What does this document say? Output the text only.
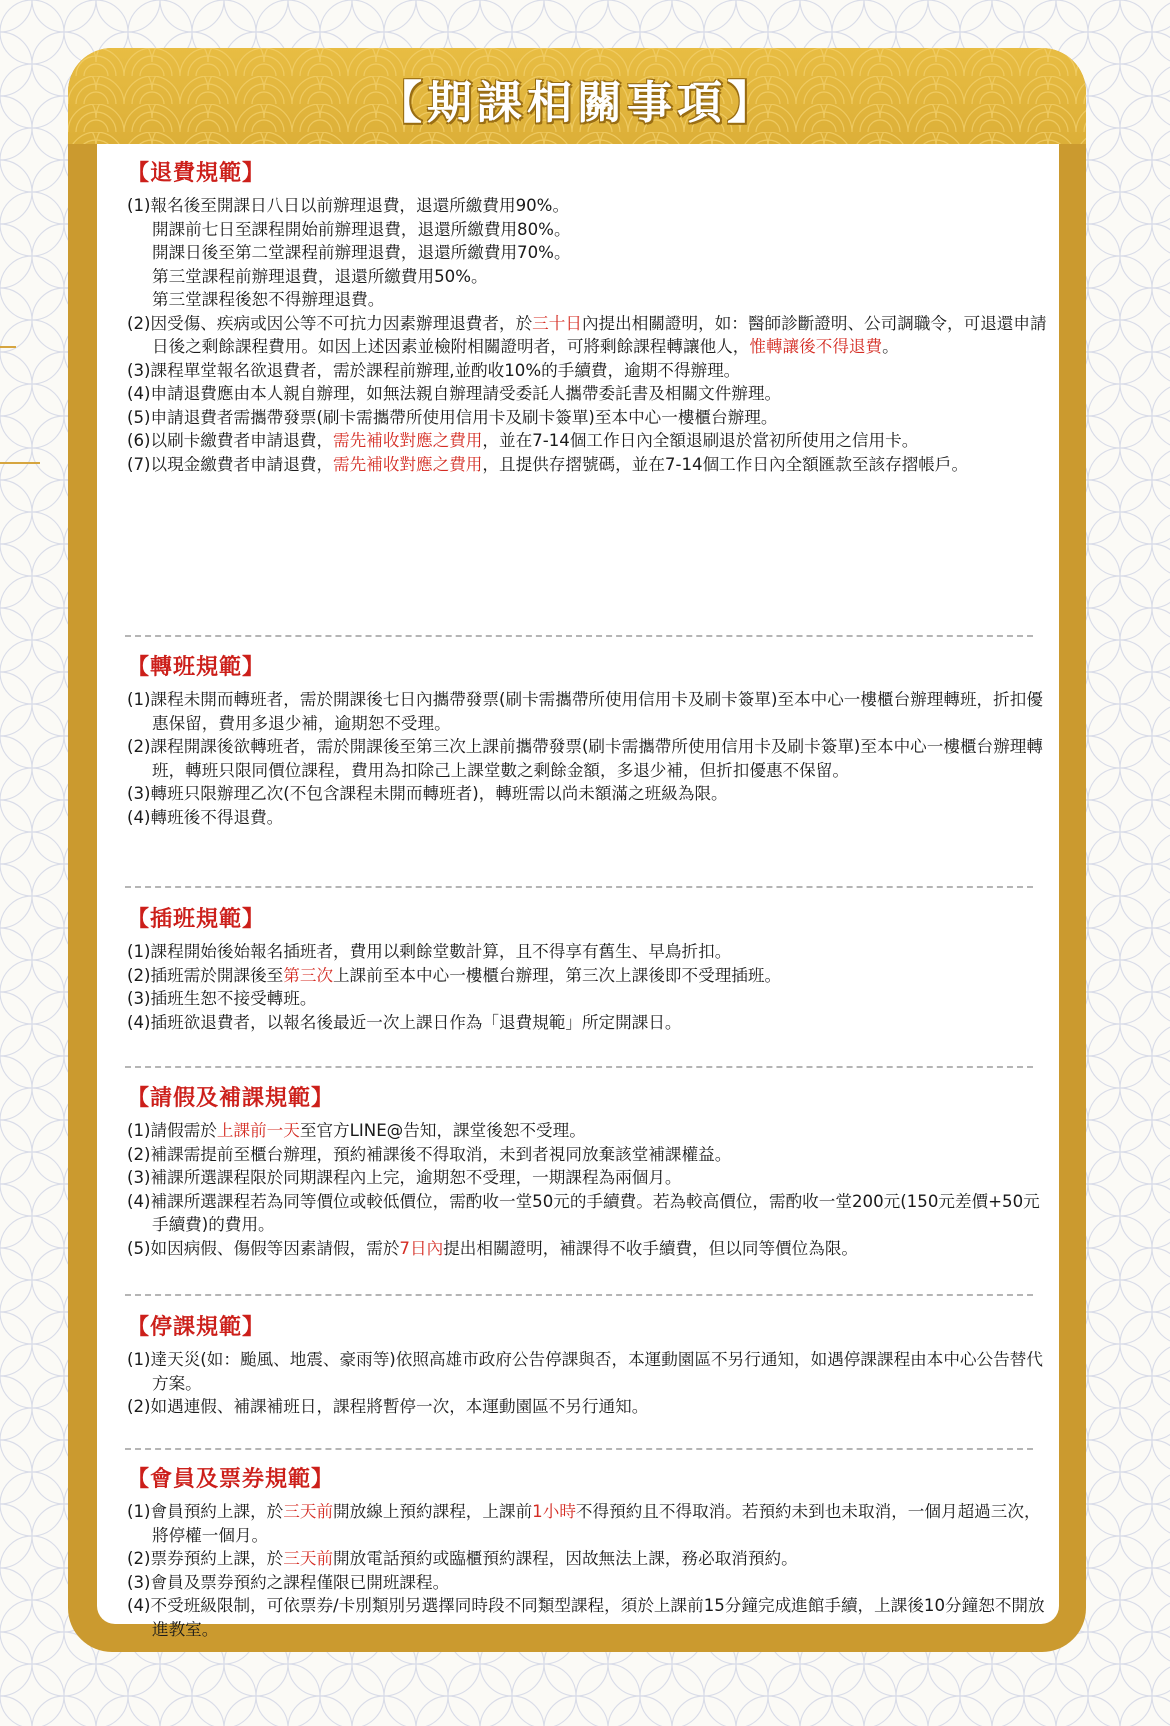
【期課相關事項】
【退費規範】
(1)報名後至開課日八日以前辦理退費，退還所繳費用90%。
開課前七日至課程開始前辦理退費，退還所繳費用80%。
開課日後至第二堂課程前辦理退費，退還所繳費用70%。
第三堂課程前辦理退費，退還所繳費用50%。
第三堂課程後恕不得辦理退費。
(2)因受傷、疾病或因公等不可抗力因素辦理退費者，於三十日內提出相關證明，如：醫師診斷證明、公司調職令，可退還申請日後之剩餘課程費用。如因上述因素並檢附相關證明者，可將剩餘課程轉讓他人，惟轉讓後不得退費。
(3)課程單堂報名欲退費者，需於課程前辦理,並酌收10%的手續費，逾期不得辦理。
(4)申請退費應由本人親自辦理，如無法親自辦理請受委託人攜帶委託書及相關文件辦理。
(5)申請退費者需攜帶發票(刷卡需攜帶所使用信用卡及刷卡簽單)至本中心一樓櫃台辦理。
(6)以刷卡繳費者申請退費，需先補收對應之費用，並在7-14個工作日內全額退刷退於當初所使用之信用卡。
(7)以現金繳費者申請退費，需先補收對應之費用，且提供存摺號碼，並在7-14個工作日內全額匯款至該存摺帳戶。
【轉班規範】
(1)課程未開而轉班者，需於開課後七日內攜帶發票(刷卡需攜帶所使用信用卡及刷卡簽單)至本中心一樓櫃台辦理轉班，折扣優惠保留，費用多退少補，逾期恕不受理。
(2)課程開課後欲轉班者，需於開課後至第三次上課前攜帶發票(刷卡需攜帶所使用信用卡及刷卡簽單)至本中心一樓櫃台辦理轉班，轉班只限同價位課程，費用為扣除己上課堂數之剩餘金額，多退少補，但折扣優惠不保留。
(3)轉班只限辦理乙次(不包含課程未開而轉班者)，轉班需以尚未額滿之班級為限。
(4)轉班後不得退費。
【插班規範】
(1)課程開始後始報名插班者，費用以剩餘堂數計算，且不得享有舊生、早鳥折扣。
(2)插班需於開課後至第三次上課前至本中心一樓櫃台辦理，第三次上課後即不受理插班。
(3)插班生恕不接受轉班。
(4)插班欲退費者，以報名後最近一次上課日作為「退費規範」所定開課日。
【請假及補課規範】
(1)請假需於上課前一天至官方LINE@告知，課堂後恕不受理。
(2)補課需提前至櫃台辦理，預約補課後不得取消，未到者視同放棄該堂補課權益。
(3)補課所選課程限於同期課程內上完，逾期恕不受理，一期課程為兩個月。
(4)補課所選課程若為同等價位或較低價位，需酌收一堂50元的手續費。若為較高價位，需酌收一堂200元(150元差價+50元手續費)的費用。
(5)如因病假、傷假等因素請假，需於7日內提出相關證明，補課得不收手續費，但以同等價位為限。
【停課規範】
(1)達天災(如：颱風、地震、豪雨等)依照高雄市政府公告停課與否，本運動園區不另行通知，如遇停課課程由本中心公告替代方案。
(2)如遇連假、補課補班日，課程將暫停一次，本運動園區不另行通知。
【會員及票券規範】
(1)會員預約上課，於三天前開放線上預約課程，上課前1小時不得預約且不得取消。若預約未到也未取消，一個月超過三次，將停權一個月。
(2)票券預約上課，於三天前開放電話預約或臨櫃預約課程，因故無法上課，務必取消預約。
(3)會員及票券預約之課程僅限已開班課程。
(4)不受班級限制，可依票券/卡別類別另選擇同時段不同類型課程，須於上課前15分鐘完成進館手續，上課後10分鐘恕不開放進教室。
